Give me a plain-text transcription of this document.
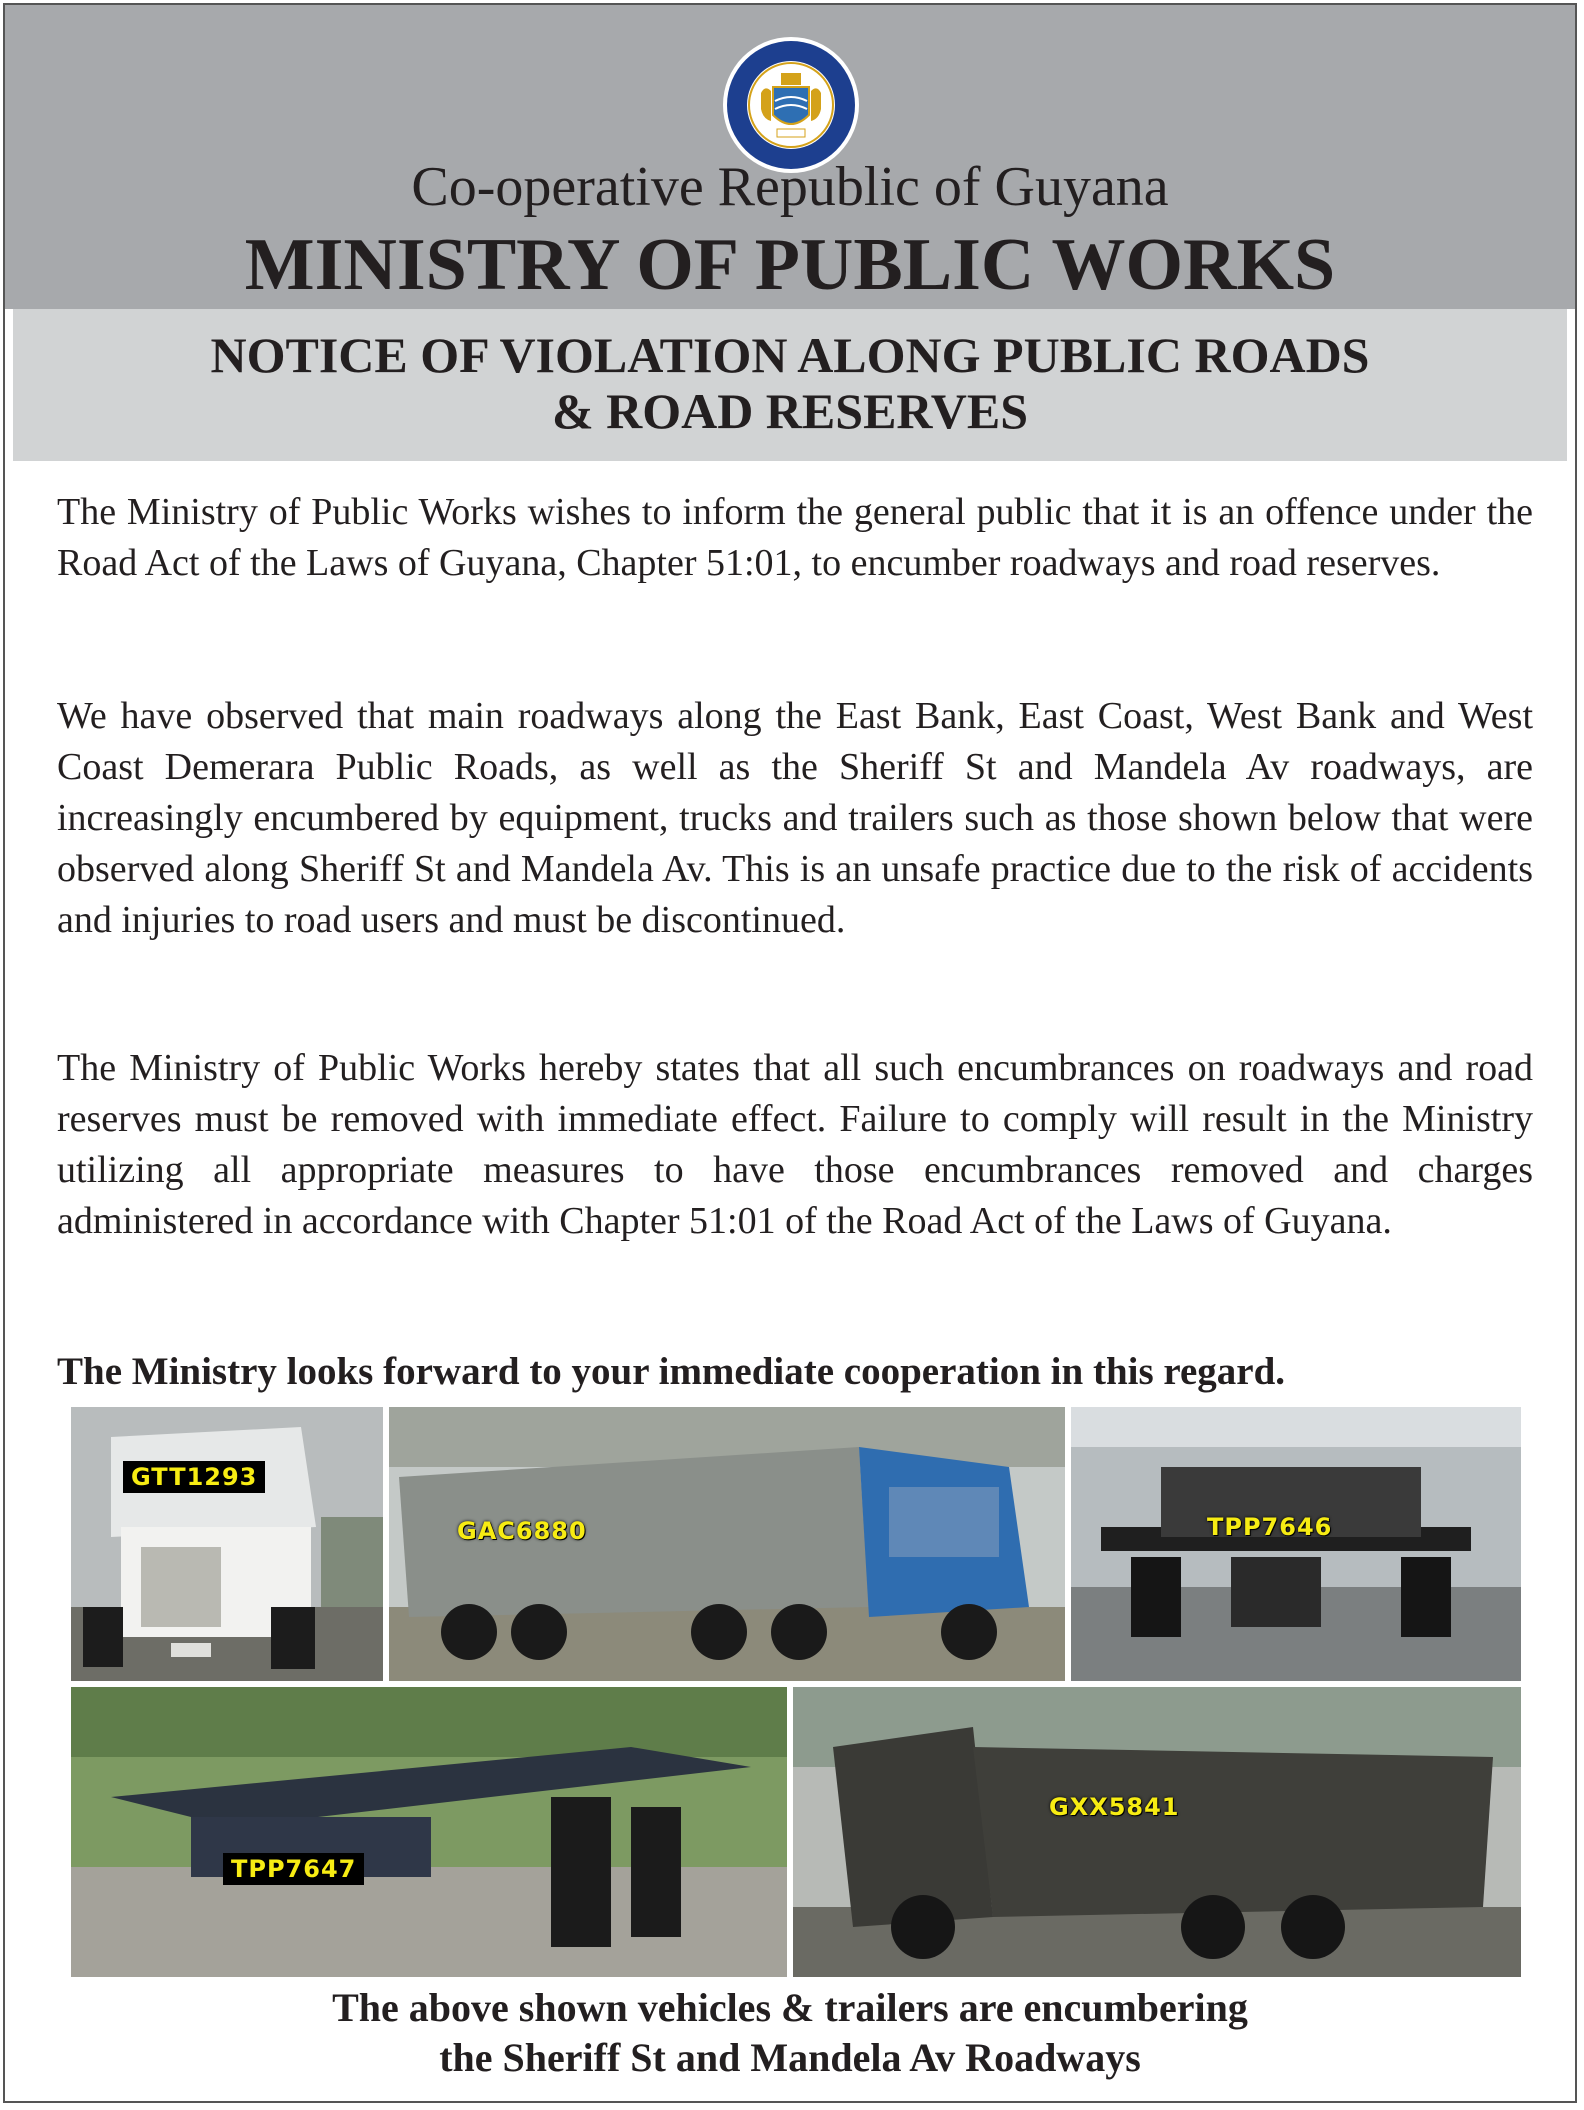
Co-operative Republic of Guyana
MINISTRY OF PUBLIC WORKS
NOTICE OF VIOLATION ALONG PUBLIC ROADS
& ROAD RESERVES
The Ministry of Public Works wishes to inform the general public that it is an offence under the Road Act of the Laws of Guyana, Chapter 51:01, to encumber roadways and road reserves.
We have observed that main roadways along the East Bank, East Coast, West Bank and West Coast Demerara Public Roads, as well as the Sheriff St and Mandela Av roadways, are increasingly encumbered by equipment, trucks and trailers such as those shown below that were observed along Sheriff St and Mandela Av. This is an unsafe practice due to the risk of accidents and injuries to road users and must be discontinued.
The Ministry of Public Works hereby states that all such encumbrances on roadways and road reserves must be removed with immediate effect. Failure to comply will result in the Ministry utilizing all appropriate measures to have those encumbrances removed and charges administered in accordance with Chapter 51:01 of the Road Act of the Laws of Guyana.
The Ministry looks forward to your immediate cooperation in this regard.
GTT1293
GAC6880	TPP7646
TPP7647
GXX5841
The above shown vehicles & trailers are encumbering
the Sheriff St and Mandela Av Roadways
